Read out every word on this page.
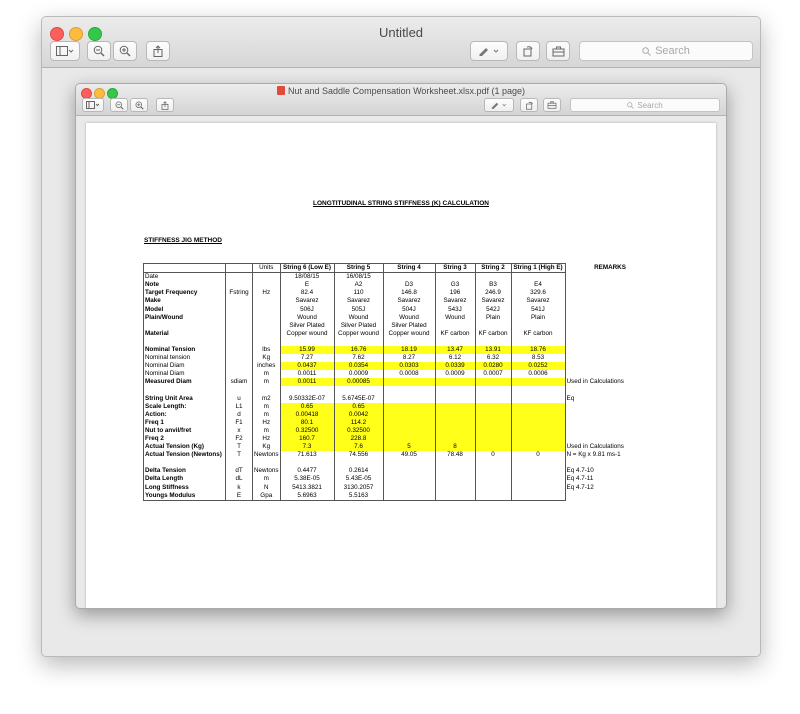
Untitled
Search
Nut and Saddle Compensation Worksheet.xlsx.pdf (1 page)
Search
LONGTITUDINAL STRING STIFFNESS (K) CALCULATION
STIFFNESS JIG METHOD
		Units	String 6 (Low E)	String 5	String 4	String 3	String 2	String 1 (High E)	REMARKS
Date			18/08/15	16/08/15					
Note			E	A2	D3	G3	B3	E4	
Target Frequency	Fstring	Hz	82.4	110	146.8	196	246.9	329.6	
Make			Savarez	Savarez	Savarez	Savarez	Savarez	Savarez	
Model			506J	505J	504J	543J	542J	541J	
Plain/Wound			Wound	Wound	Wound	Wound	Plain	Plain	
			Silver Plated	Silver Plated	Silver Plated				
Material			Copper wound	Copper wound	Copper wound	KF carbon	KF carbon	KF carbon	

Nominal Tension		lbs	15.99	16.76	18.19	13.47	13.91	18.76	
Nominal tension		Kg	7.27	7.62	8.27	6.12	6.32	8.53	
Nominal Diam		inches	0.0437	0.0354	0.0303	0.0339	0.0280	0.0252	
Nominal Diam		m	0.0011	0.0009	0.0008	0.0009	0.0007	0.0006	
Measured Diam	sdiam	m	0.0011	0.00085					Used in Calculations

String Unit Area	u	m2	9.50332E-07	5.6745E-07					Eq
Scale Length:	L1	m	0.65	0.65					
Action:	d	m	0.00418	0.0042					
Freq 1	F1	Hz	80.1	114.2					
Nut to anvil/fret	x	m	0.32500	0.32500					
Freq 2	F2	Hz	160.7	228.8					
Actual Tension (Kg)	T	Kg	7.3	7.6	5	8			Used in Calculations
Actual Tension (Newtons)	T	Newtons	71.613	74.556	49.05	78.48	0	0	N = Kg x 9.81 ms-1

Delta Tension	dT	Newtons	0.4477	0.2614					Eq 4.7-10
Delta Length	dL	m	5.38E-05	5.43E-05					Eq 4.7-11
Long Stiffness	k	N	5413.3821	3130.2057					Eq 4.7-12
Youngs Modulus	E	Gpa	5.6963	5.5163					
